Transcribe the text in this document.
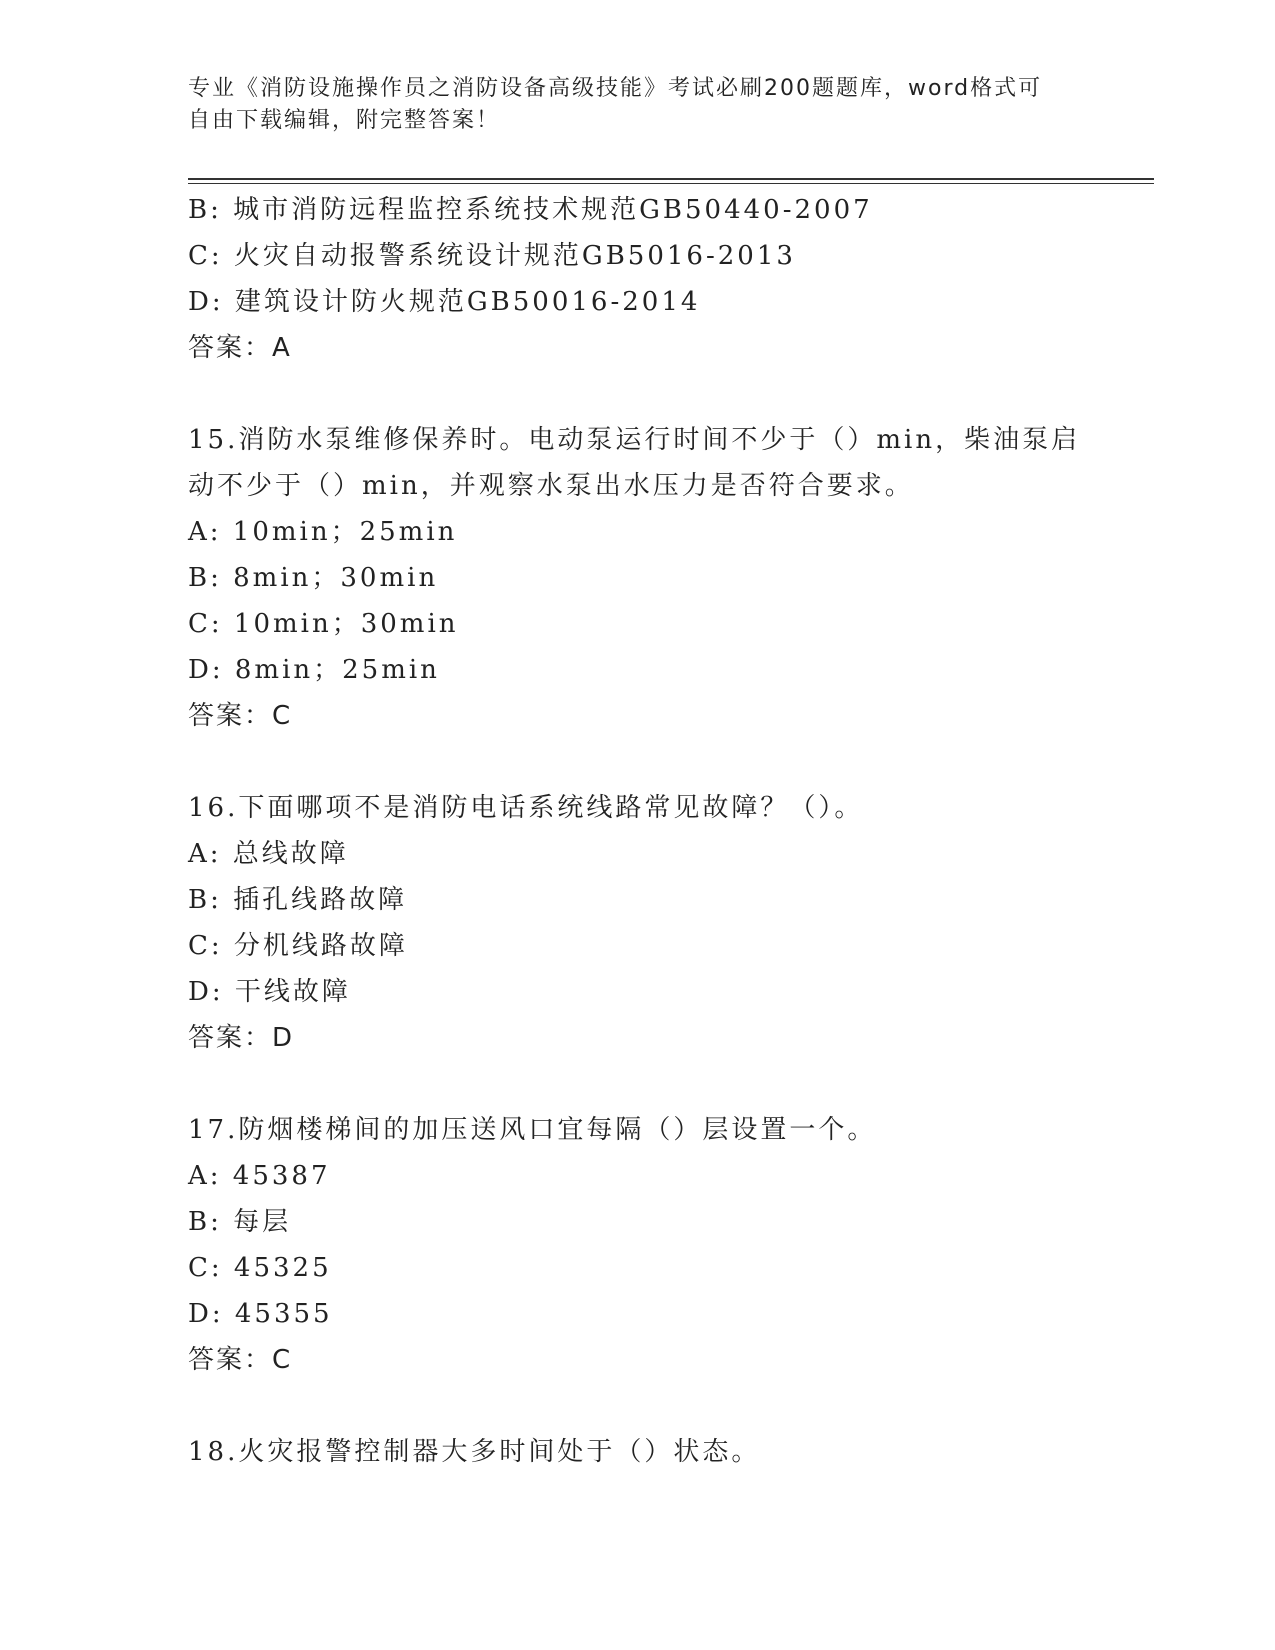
专业《消防设施操作员之消防设备高级技能》考试必刷200题题库，word格式可
自由下载编辑，附完整答案！
B: 城市消防远程监控系统技术规范GB50440-2007
C: 火灾自动报警系统设计规范GB5016-2013
D: 建筑设计防火规范GB50016-2014
答案：A
15.消防水泵维修保养时。电动泵运行时间不少于（）min，柴油泵启
动不少于（）min，并观察水泵出水压力是否符合要求。
A: 10min；25min
B: 8min；30min
C: 10min；30min
D: 8min；25min
答案：C
16.下面哪项不是消防电话系统线路常见故障？（）。
A: 总线故障
B: 插孔线路故障
C: 分机线路故障
D: 干线故障
答案：D
17.防烟楼梯间的加压送风口宜每隔（）层设置一个。
A: 45387
B: 每层
C: 45325
D: 45355
答案：C
18.火灾报警控制器大多时间处于（）状态。
